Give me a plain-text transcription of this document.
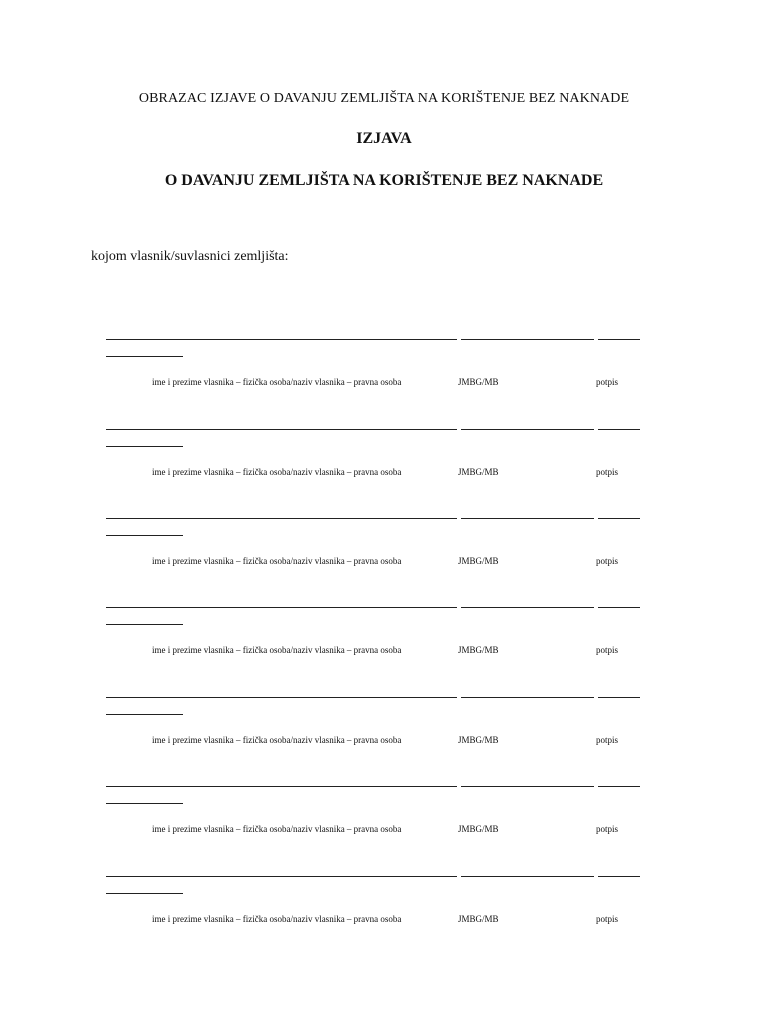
OBRAZAC IZJAVE O DAVANJU ZEMLJIŠTA NA KORIŠTENJE BEZ NAKNADE
IZJAVA
O DAVANJU ZEMLJIŠTA NA KORIŠTENJE BEZ NAKNADE
kojom vlasnik/suvlasnici zemljišta:
ime i prezime vlasnika – fizička osoba/naziv vlasnika – pravna osoba	JMBG/MB	potpis
ime i prezime vlasnika – fizička osoba/naziv vlasnika – pravna osoba	JMBG/MB	potpis
ime i prezime vlasnika – fizička osoba/naziv vlasnika – pravna osoba	JMBG/MB	potpis
ime i prezime vlasnika – fizička osoba/naziv vlasnika – pravna osoba	JMBG/MB	potpis
ime i prezime vlasnika – fizička osoba/naziv vlasnika – pravna osoba	JMBG/MB	potpis
ime i prezime vlasnika – fizička osoba/naziv vlasnika – pravna osoba	JMBG/MB	potpis
ime i prezime vlasnika – fizička osoba/naziv vlasnika – pravna osoba	JMBG/MB	potpis
